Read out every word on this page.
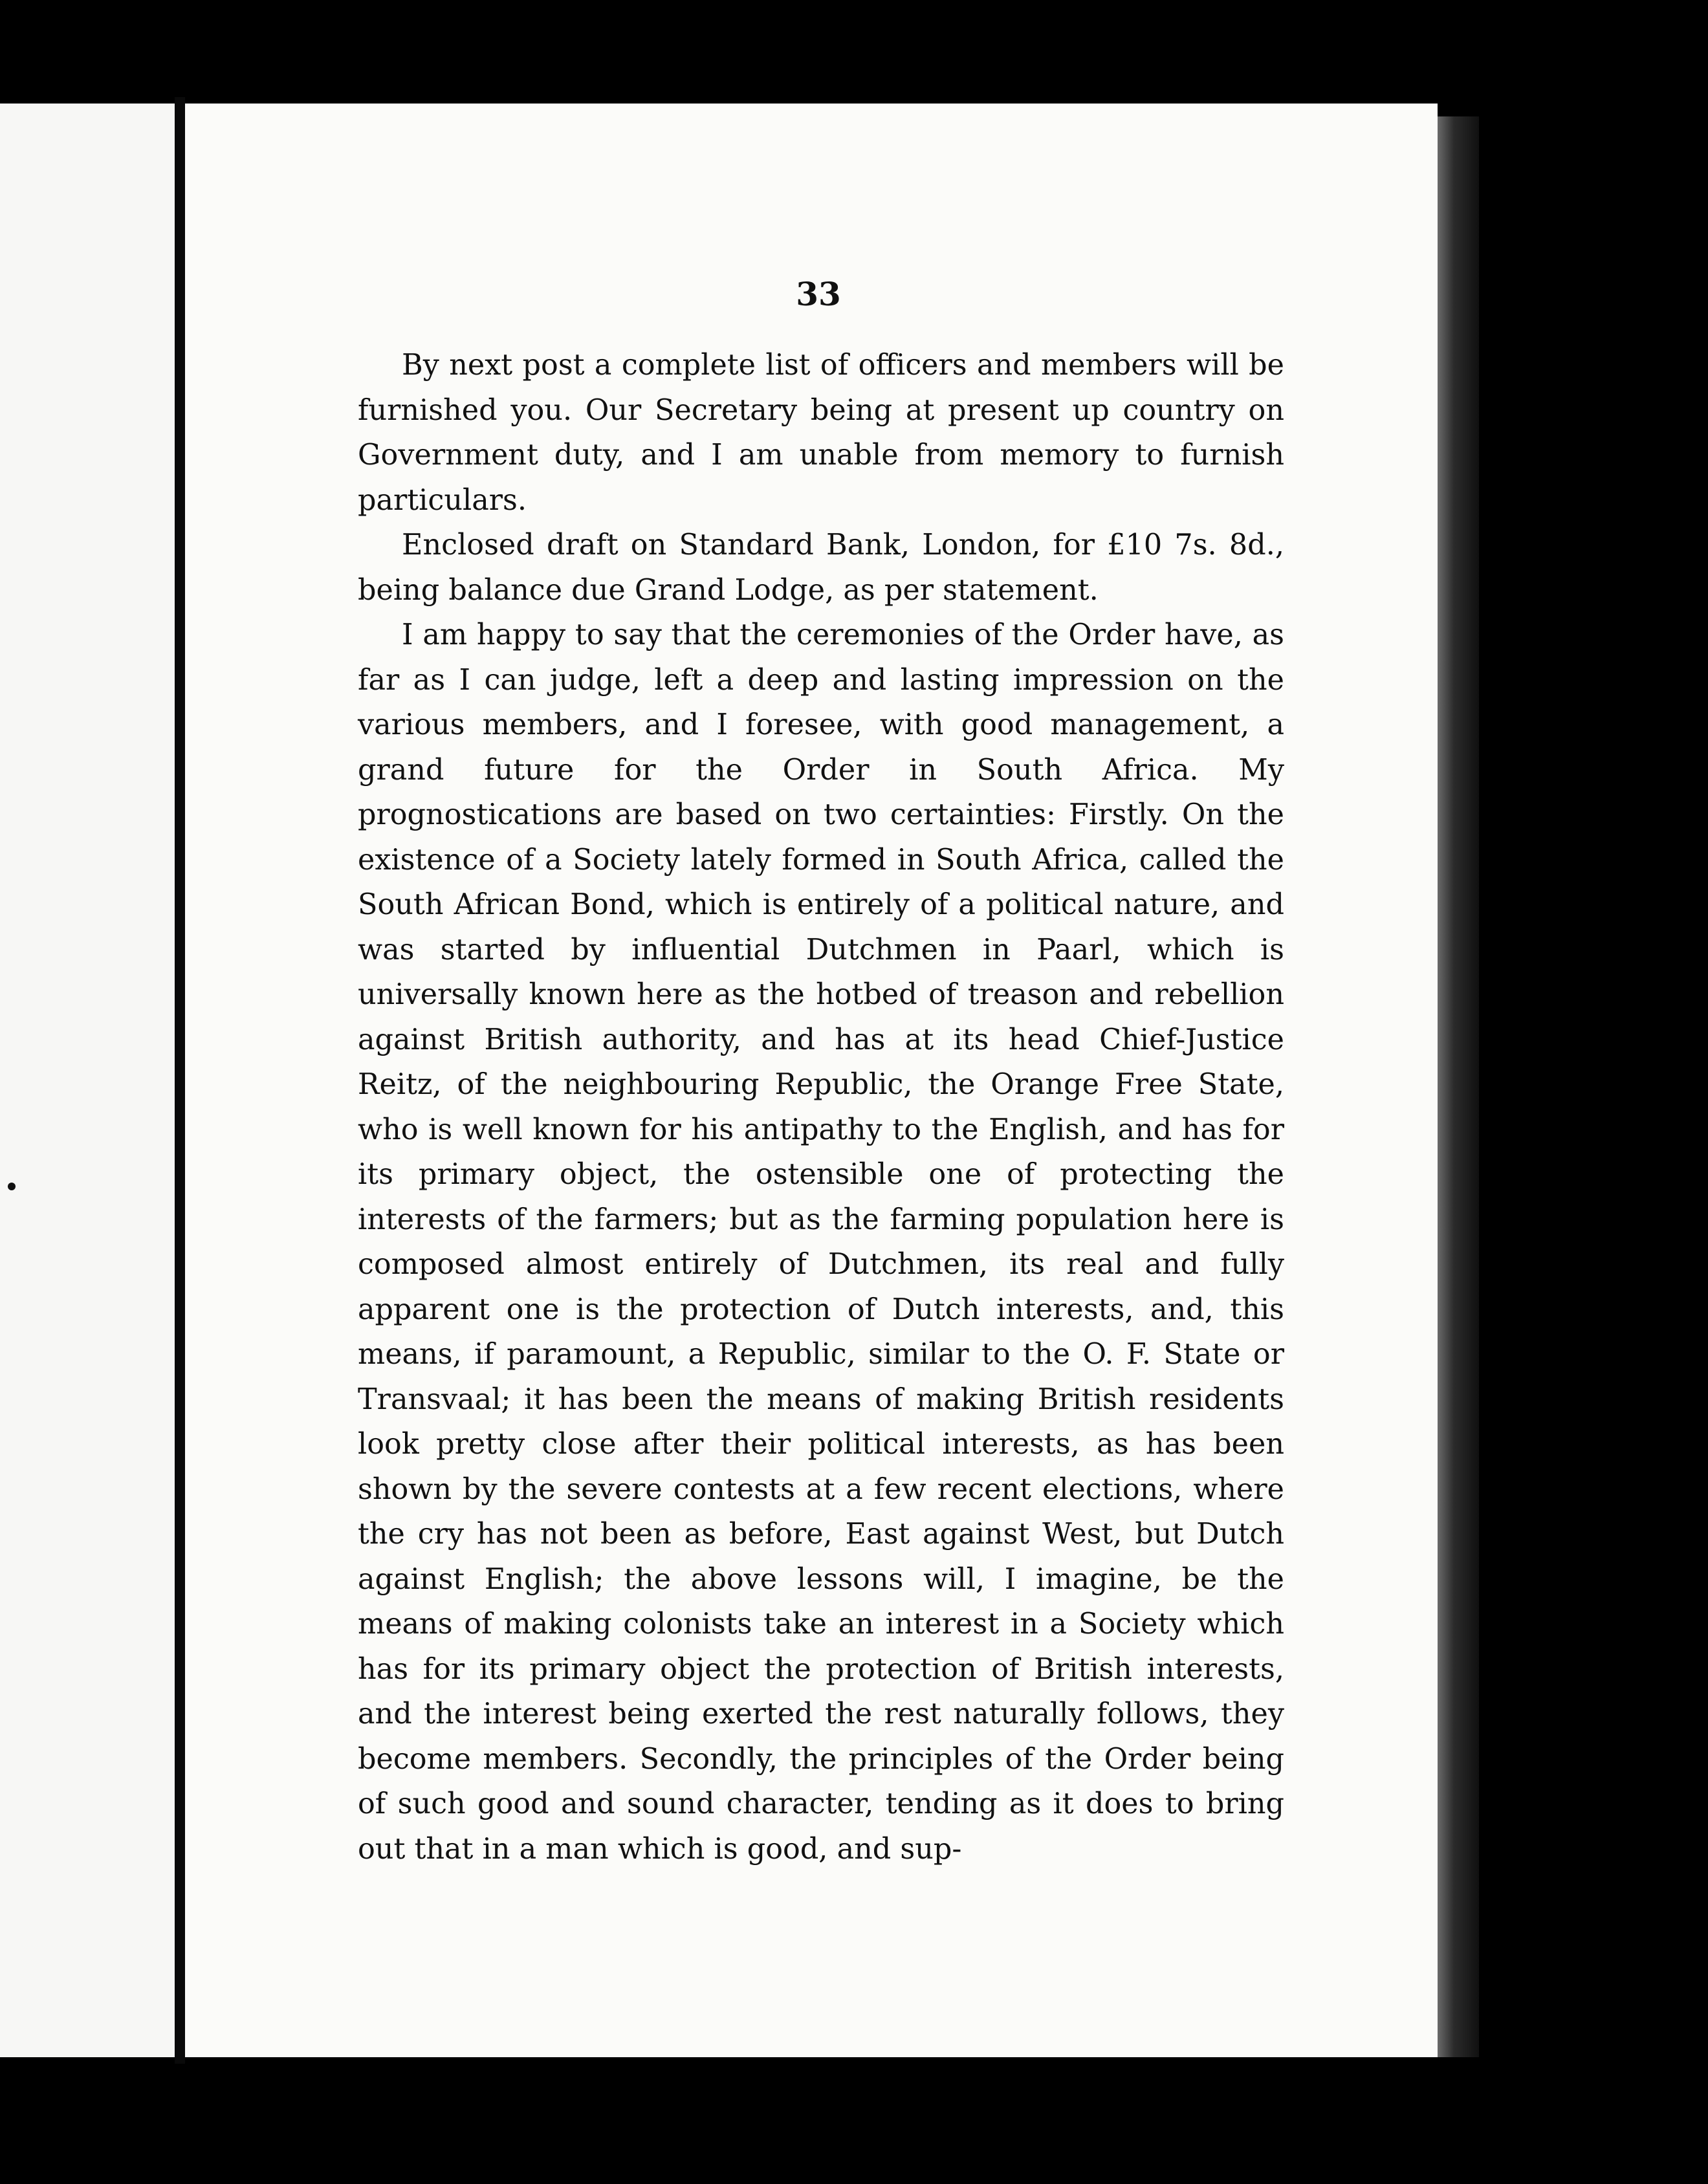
33

By next post a complete list of officers and members will be furnished you. Our Secretary being at present up country on Government duty, and I am unable from memory to furnish particulars.

Enclosed draft on Standard Bank, London, for £10 7s. 8d., being balance due Grand Lodge, as per statement.

I am happy to say that the ceremonies of the Order have, as far as I can judge, left a deep and lasting impression on the various members, and I foresee, with good management, a grand future for the Order in South Africa. My prognostications are based on two certainties: Firstly. On the existence of a Society lately formed in South Africa, called the South African Bond, which is entirely of a political nature, and was started by influential Dutchmen in Paarl, which is universally known here as the hotbed of treason and rebellion against British authority, and has at its head Chief-Justice Reitz, of the neighbouring Republic, the Orange Free State, who is well known for his antipathy to the English, and has for its primary object, the ostensible one of protecting the interests of the farmers; but as the farming population here is composed almost entirely of Dutchmen, its real and fully apparent one is the protection of Dutch interests, and, this means, if paramount, a Republic, similar to the O. F. State or Transvaal; it has been the means of making British residents look pretty close after their political interests, as has been shown by the severe contests at a few recent elections, where the cry has not been as before, East against West, but Dutch against English; the above lessons will, I imagine, be the means of making colonists take an interest in a Society which has for its primary object the protection of British interests, and the interest being exerted the rest naturally follows, they become members. Secondly, the principles of the Order being of such good and sound character, tending as it does to bring out that in a man which is good, and sup-
